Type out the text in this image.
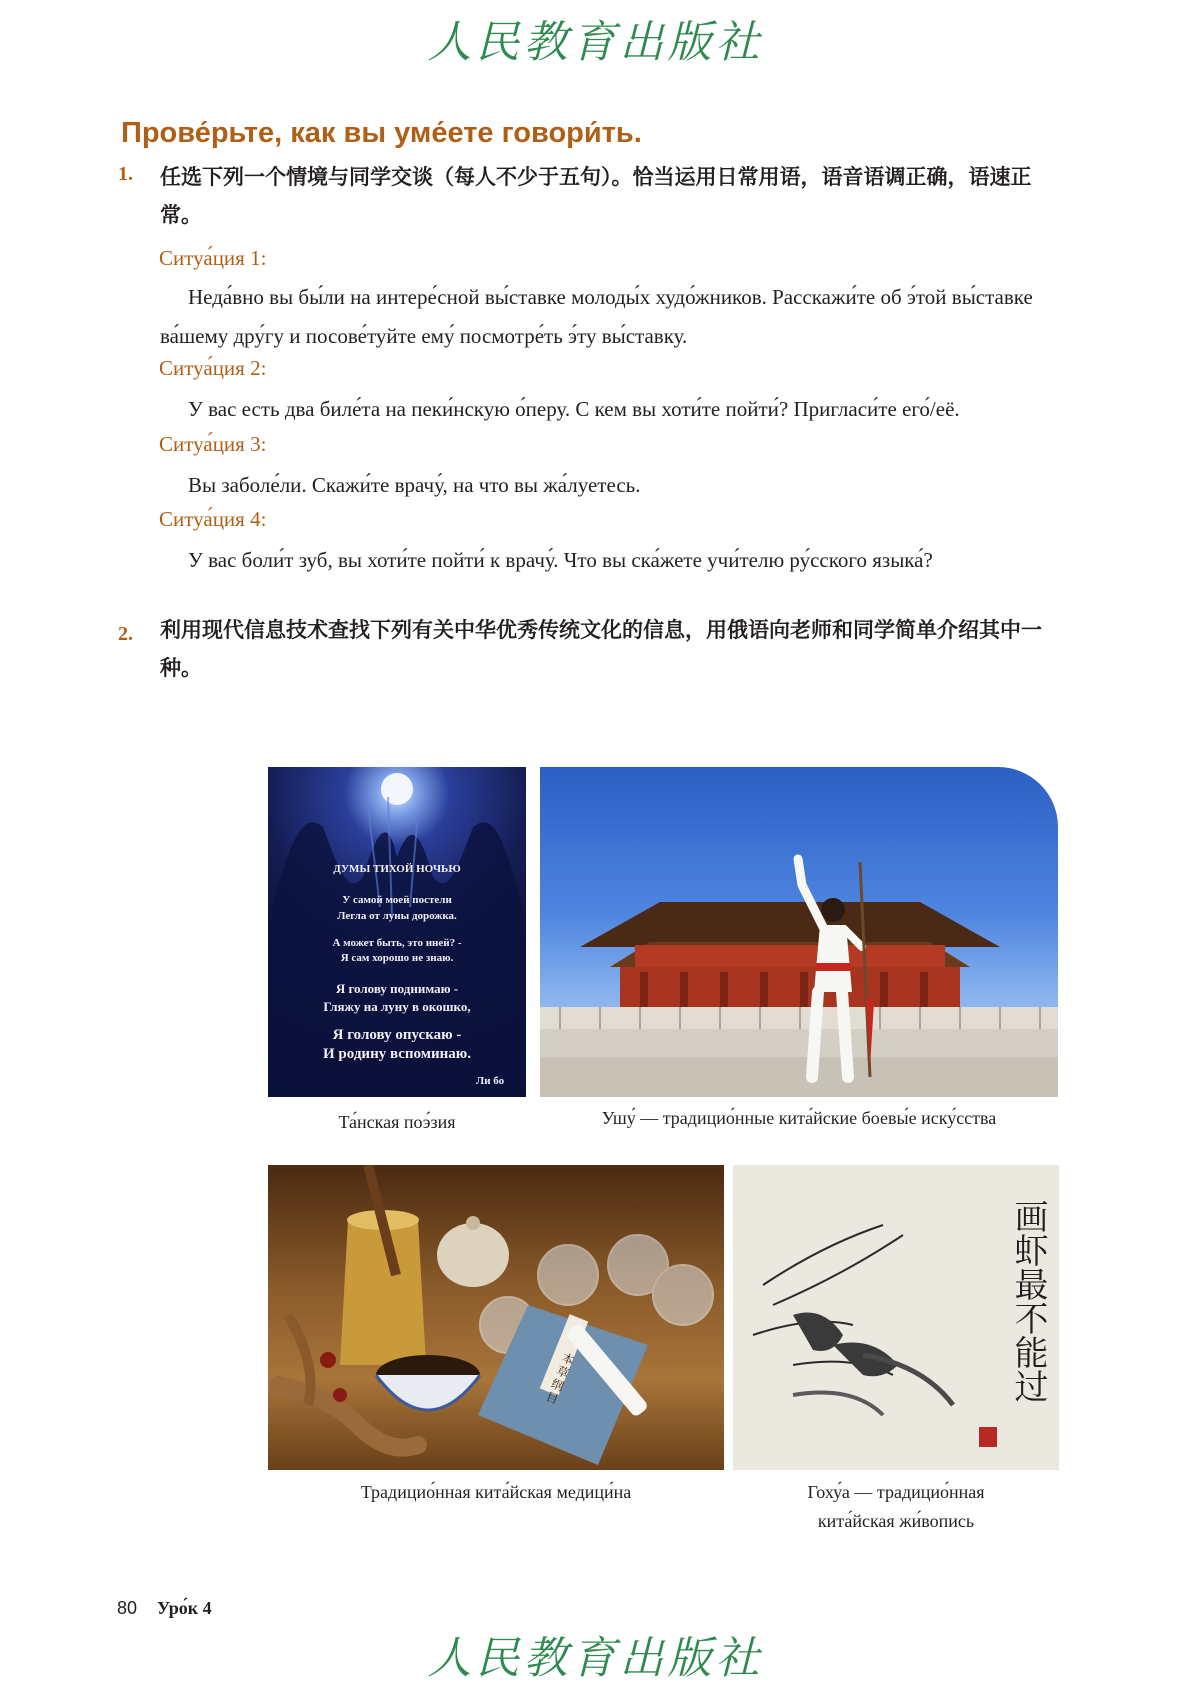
人民教育出版社
Прове́рьте, как вы уме́ете говори́ть.
1. 任选下列一个情境与同学交谈（每人不少于五句）。恰当运用日常用语，语音语调正确，语速正常。
Ситуа́ция 1:
Неда́вно вы бы́ли на интере́сной вы́ставке молоды́х худо́жников. Расскажи́те об э́той вы́ставке ва́шему дру́гу и посове́туйте ему́ посмотре́ть э́ту вы́ставку.
Ситуа́ция 2:
У вас есть два биле́та на пеки́нскую о́перу. С кем вы хоти́те пойти́? Пригласи́те его́/её.
Ситуа́ция 3:
Вы заболе́ли. Скажи́те врачу́, на что вы жа́луетесь.
Ситуа́ция 4:
У вас боли́т зуб, вы хоти́те пойти́ к врачу́. Что вы ска́жете учи́телю ру́сского языка́?
2. 利用现代信息技术查找下列有关中华优秀传统文化的信息，用俄语向老师和同学简单介绍其中一种。
ДУМЫ ТИХОЙ НОЧЬЮ
У самой моей постели
Легла от луны дорожка.
А может быть, это иней? -
Я сам хорошо не знаю.
Я голову поднимаю -
Гляжу на луну в окошко,
Я голову опускаю -
И родину вспоминаю.
Ли бо
Та́нская поэ́зия	Ушу́ — традицио́нные кита́йские боевы́е иску́сства
本草纲目	画虾最不能过
Традицио́нная кита́йская медици́на	Гоху́а — традицио́нная кита́йская жи́вопись
80 Уро́к 4
人民教育出版社
